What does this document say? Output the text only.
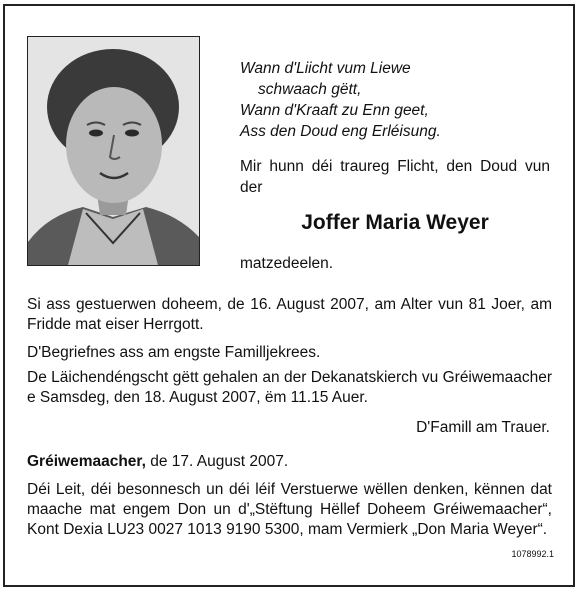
Wann d'Liicht vum Liewe
schwaach gëtt,
Wann d'Kraaft zu Enn geet,
Ass den Doud eng Erléisung.
Mir hunn déi traureg Flicht, den Doud vun der
Joffer Maria Weyer
matzedeelen.
Si ass gestuerwen doheem, de 16. August 2007, am Alter vun 81 Joer, am Fridde mat eiser Herrgott.
D'Begriefnes ass am engste Familljekrees.
De Läichendéngscht gëtt gehalen an der Dekanatskierch vu Gréiwemaacher e Samsdeg, den 18. August 2007, ëm 11.15 Auer.
D'Famill am Trauer.
Gréiwemaacher, de 17. August 2007.
Déi Leit, déi besonnesch un déi léif Verstuerwe wëllen denken, kënnen dat maache mat engem Don un d'„Stëftung Hëllef Doheem Gréiwemaacher“, Kont Dexia LU23 0027 1013 9190 5300, mam Vermierk „Don Maria Weyer“.
1078992.1
